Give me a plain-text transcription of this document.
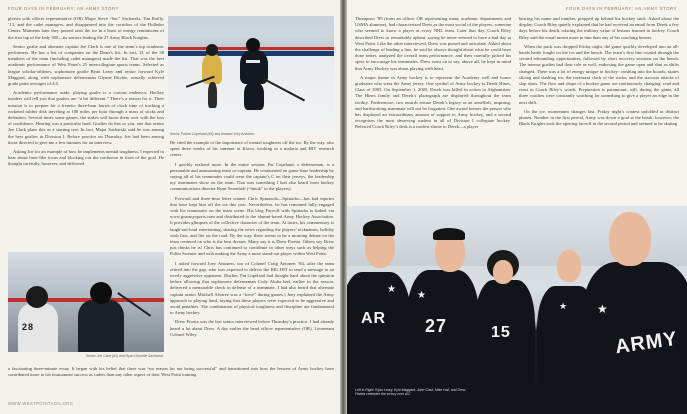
FOUR DAYS IN FEBRUARY: AN ARMY STORY

glories with officer representative (OR) Major Steve “Sac” Sacharski, Tim Reilly, ’13, and the cadet managers, and disappeared into the corridors of the Holleder Center. Moments later they poured onto the ice in a burst of energy reminiscent of the first lap of the Indy 500—its seniors leading the 27 Army Black Knights.

Senior goalie and alternate captain Joe Clark is one of the team’s top academic performers. He has a list of companies on the Dean’s list. In fact, 21 of the 30 members of the team (including cadet managers) made the list. That was the best academic performance of West Point’s 25 intercollegiate sports teams. Selected as league scholar-athletes, sophomore goalie Ryan Leary and senior forward Kyle Maggard, along with sophomore defenseman Glynne Ritchie, actually achieved grade point averages of 4.0.

Academic performance aside, playing goalie is a curious endeavor. Hockey insiders will tell you that goalies are “a bit different.” There’s a reason for it. Their mission is to prepare for a frenetic three-hour bursts of clock time of tracking a rocketed rubber disk traveling at 100 miles per hour through a mass of sticks and defenders. Several times some games, the stakes will boost them over with the loss of confidence. Hearing was a particular hard. Goalies do this so you, one that senior Joe Clark plans this as a starting test. In fact, Major Sacharski said he was among the best goalies in Division I. Before practice on Thursday, Joe had been among those directed to give me a few minutes for an interview.

Asking Joe for an example of how he implements mental toughness, I expected to hear about laser-like focus and blocking out the confusion in front of the goal. He thought carefully, however, and delivered

Senior Patrick Copeland (#5) and forward Joey Antonen.

He cited the example of the importance of mental toughness off the ice. By the way, also spent three weeks of his summer in Korea, working in a malaria and HIV research center.

I quickly realized more. In the entire session, Pat Copeland, a defenseman, is a personable and unassuming team co-captain. He commented on game-time leadership by saying all of his teammates could wear the captain’s C on their jerseys, the leadership my teammates show on the team. That was something I had also heard from hockey communications director Ryan Yesenholt (“Smok” to the players).

Forward and three-time letter winner Chris Spinazola—Spinacks—has had injuries that have kept him off the ice this year. Nevertheless, he has remained fully engaged with his teammates on the team scene. His blog Faceoff with Spinacks is linked via www.goarmysports.com and distributed to the alumni-based Army Hockey Association. It provides glimpses of the collective character of the team. At times, his commentary is laugh-out-loud entertaining, sharing the news regarding the players’ nicknames, holiday wish lists, and life on the road. By the way, there seems to be a morning debate on the team centered on who is the best dresser. Many say it is Drew Fisetta. Others say Drew just thinks he is! Chris has continued to contribute in other ways such as helping the Polito Sweater and with making the Army a more stand-out player within West Point.

I asked forward Joey Antonen, son of Colonel Craig Antonen ’84, after the team retired into the gap, who was expected to deliver the BIG HIT to send a message to an overly aggressive opponent. (Earlier, Pat Copeland had thought hard about the question before allowing that sophomore defenseman Cody Aluka had, earlier in the season, delivered a memorable check in defense of a teammate. I had also heard that alternate captain senior Mitchell Alvarez was a “force” during games.) Joey explained the Army approach to playing hard, saying that these players were expected to be aggressive and avoid penalties. The combination of physical toughness and discipline are fundamental to Army hockey.

Drew Fisetta was the last senior interviewed before Thursday’s practice. I had already heard a lot about Drew. A day earlier the head officer representative (OR), Lieutenant Colonel Wiley

28
Senior Joe Clark (#1) and Ryan Grouelle Sacharski.

a fascinating three-minute essay. It began with his belief that there was “no reason for not being successful” and transitioned into how the lessons of Army hockey have contributed more to his tournament success as cadets than any other aspect of their West Point training.

WWW.WESTPOINTAOG.ORG
FOUR DAYS IN FEBRUARY: AN ARMY STORY

Thompson ’89 (from an officer OR representing many academic departments and USMA alumnae), had characterized Drew as the most social of the players, someone who seemed to know a player at every NHL team. Later that day, Coach Riley described Drew as remarkably upbeat, saying he never seemed to have a bad day at West Point. Like the other interviewed, Drew was poised and articulate. Asked about the challenge of leading a line, he said he always thought about what he could have done better, analyzed the overall team performance, and then carefully picked his spots to encourage his teammates. Drew went on to say, above all, he kept in mind that Army Hockey was about playing with heart.

A major theme in Army hockey is to represent the Academy well and honor graduates who wear the Army jersey. One symbol of Army hockey is Derek Hines, Class of 2005. On September 1, 2005, Derek was killed in action in Afghanistan. The Hines family and Derek’s photograph are displayed throughout the team facility. Furthermore, two awards ensure Derek’s legacy as an unselfish, inspiring, and hardworking teammate will not be forgotten. One award honors the person who has displayed an extraordinary amount of support to Army hockey, and a second recognizes the most deserving student in all of Division I collegiate hockey. Referred Coach Riley’s desk is a modest shrine to Derek—a player

bearing his name and number, propped up behind his hockey stick. Asked about the display, Coach Riley quietly explained that he had received an email from Derek a few days before his death, relating the military value of lessons learned in hockey. Coach Riley said the email meant more to him than any of his coaching honors.

When the puck was dropped Friday night, the game quickly developed into an all-hands battle fought on the ice and the bench. The team’s first line rotated through the second rebounding opportunities, followed by short recovery sessions on the bench. The intense goalies had their role as well, endorsing the game open and shut as shifts changed. There was a lot of energy unique to hockey: crashing into the boards, skates slicing and slashing ice, the incessant clack of the sticks, and the staccato attacks of slap shots. The flow and shape of a hockey game are continuously changing: read and react in Coach Riley’s words. Preparation is paramount; still, during the game, all three coaches were constantly watching for something to give a player an edge in the next shift.

On the ice, momentum changes fast. Friday night’s contest unfolded in distinct phases. Number in the first period, Army was down a goal at the break; however, the Black Knights took the opening faceoff in the second period and seemed to be skating

AR
★
27
★
15
★
ARMY
★
Left to Right: Ryan Leary, Kyle Maggard, John Clark, Mike Hall, and Drew Fisetta celebrate the victory over AIC.
